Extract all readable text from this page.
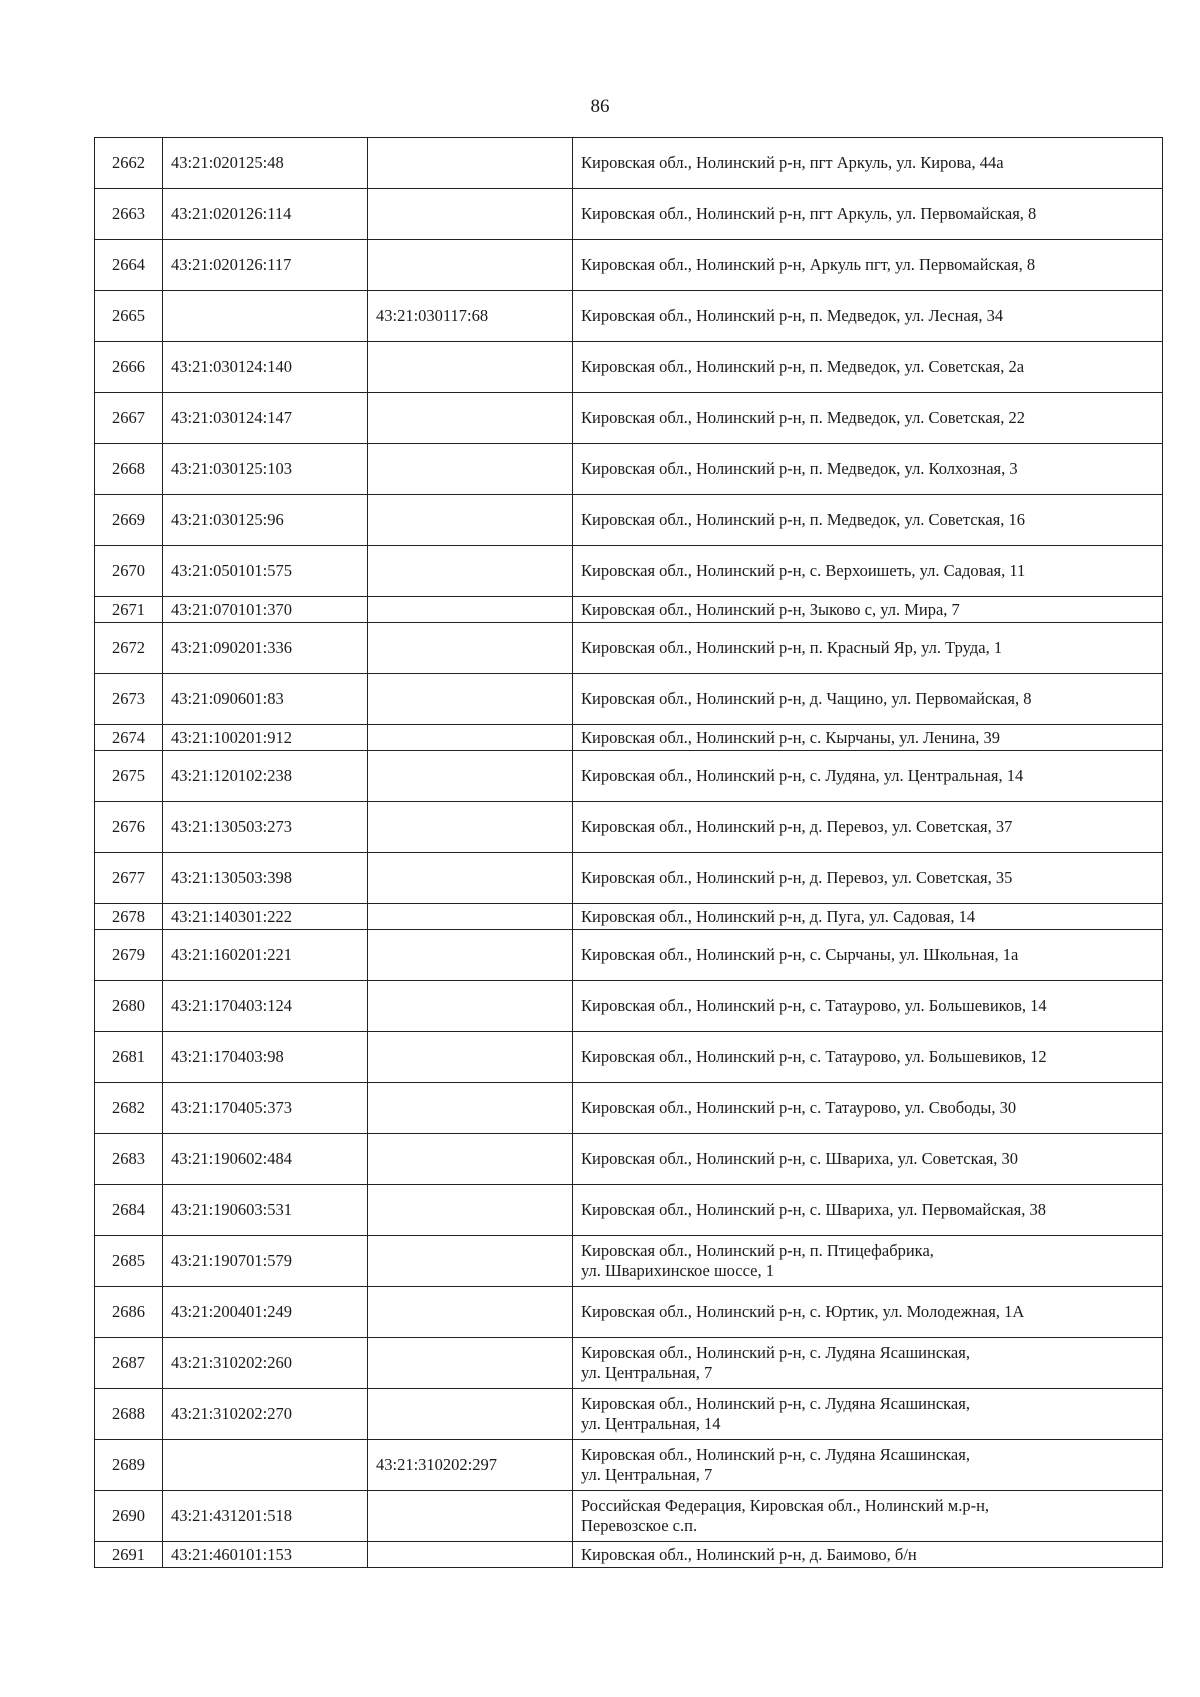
86
2662	43:21:020125:48		Кировская обл., Нолинский р-н, пгт Аркуль, ул. Кирова, 44а

2663	43:21:020126:114		Кировская обл., Нолинский р-н, пгт Аркуль, ул. Первомайская, 8

2664	43:21:020126:117		Кировская обл., Нолинский р-н, Аркуль пгт, ул. Первомайская, 8

2665		43:21:030117:68	Кировская обл., Нолинский р-н, п. Медведок, ул. Лесная, 34

2666	43:21:030124:140		Кировская обл., Нолинский р-н, п. Медведок, ул. Советская, 2а

2667	43:21:030124:147		Кировская обл., Нолинский р-н, п. Медведок, ул. Советская, 22

2668	43:21:030125:103		Кировская обл., Нолинский р-н, п. Медведок, ул. Колхозная, 3

2669	43:21:030125:96		Кировская обл., Нолинский р-н, п. Медведок, ул. Советская, 16

2670	43:21:050101:575		Кировская обл., Нолинский р-н, с. Верхоишеть, ул. Садовая, 11

2671	43:21:070101:370		Кировская обл., Нолинский р-н, Зыково с, ул. Мира, 7

2672	43:21:090201:336		Кировская обл., Нолинский р-н, п. Красный Яр, ул. Труда, 1

2673	43:21:090601:83		Кировская обл., Нолинский р-н, д. Чащино, ул. Первомайская, 8

2674	43:21:100201:912		Кировская обл., Нолинский р-н, с. Кырчаны, ул. Ленина, 39

2675	43:21:120102:238		Кировская обл., Нолинский р-н, с. Лудяна, ул. Центральная, 14

2676	43:21:130503:273		Кировская обл., Нолинский р-н, д. Перевоз, ул. Советская, 37

2677	43:21:130503:398		Кировская обл., Нолинский р-н, д. Перевоз, ул. Советская, 35

2678	43:21:140301:222		Кировская обл., Нолинский р-н, д. Пуга, ул. Садовая, 14

2679	43:21:160201:221		Кировская обл., Нолинский р-н, с. Сырчаны, ул. Школьная, 1а

2680	43:21:170403:124		Кировская обл., Нолинский р-н, с. Татаурово, ул. Большевиков, 14

2681	43:21:170403:98		Кировская обл., Нолинский р-н, с. Татаурово, ул. Большевиков, 12

2682	43:21:170405:373		Кировская обл., Нолинский р-н, с. Татаурово, ул. Свободы, 30

2683	43:21:190602:484		Кировская обл., Нолинский р-н, с. Швариха, ул. Советская, 30

2684	43:21:190603:531		Кировская обл., Нолинский р-н, с. Швариха, ул. Первомайская, 38

2685	43:21:190701:579		Кировская обл., Нолинский р-н, п. Птицефабрика,
ул. Шварихинское шоссе, 1

2686	43:21:200401:249		Кировская обл., Нолинский р-н, с. Юртик, ул. Молодежная, 1А

2687	43:21:310202:260		Кировская обл., Нолинский р-н, с. Лудяна Ясашинская,
ул. Центральная, 7

2688	43:21:310202:270		Кировская обл., Нолинский р-н, с. Лудяна Ясашинская,
ул. Центральная, 14

2689		43:21:310202:297	Кировская обл., Нолинский р-н, с. Лудяна Ясашинская,
ул. Центральная, 7

2690	43:21:431201:518		Российская Федерация, Кировская обл., Нолинский м.р-н,
Перевозское с.п.

2691	43:21:460101:153		Кировская обл., Нолинский р-н, д. Баимово, б/н
